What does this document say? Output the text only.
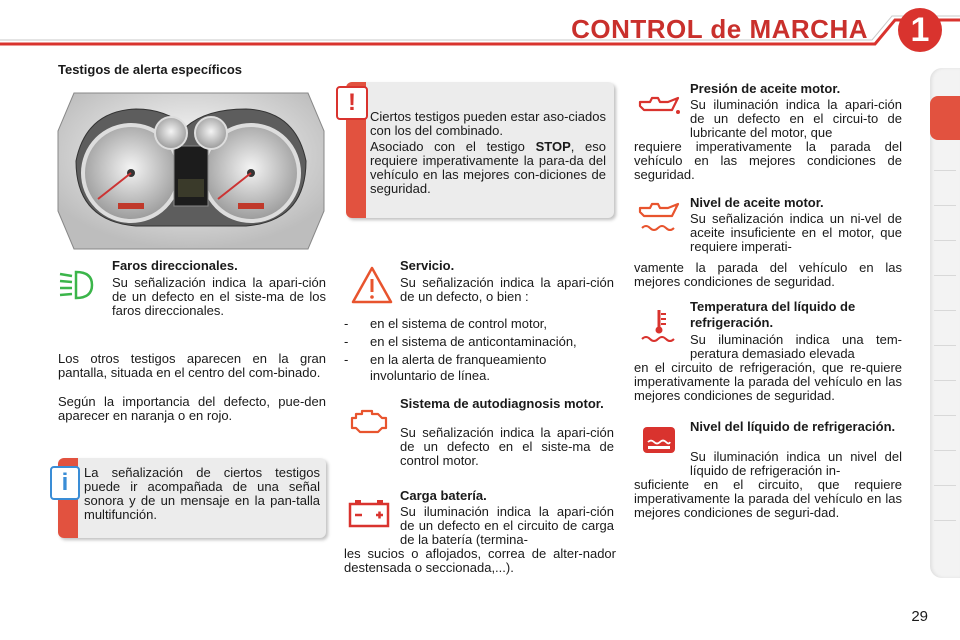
CONTROL de MARCHA	1
Testigos de alerta específicos
Faros direccionales.
Su señalización indica la apari-ción de un defecto en el siste-ma de los faros direccionales.
Los otros testigos aparecen en la gran pantalla, situada en el centro del com-binado.
Según la importancia del defecto, pue-den aparecer en naranja o en rojo.
i	La señalización de ciertos testigos puede ir acompañada de una señal sonora y de un mensaje en la pan-talla multifunción.
!
Ciertos testigos pueden estar aso-ciados con los del combinado.
Asociado con el testigo STOP, eso requiere imperativamente la para-da del vehículo en las mejores con-diciones de seguridad.
Servicio.
Su señalización indica la apari-ción de un defecto, o bien :
- en el sistema de control motor,
- en el sistema de anticontaminación,
- en la alerta de franqueamiento involuntario de línea.
Sistema de autodiagnosis motor.
Su señalización indica la apari-ción de un defecto en el siste-ma de control motor.
Carga batería.
Su iluminación indica la apari-ción de un defecto en el circuito de carga de la batería (termina-
les sucios o aflojados, correa de alter-nador destensada o seccionada,...).
Presión de aceite motor.
Su iluminación indica la apari-ción de un defecto en el circui-to de lubricante del motor, que
requiere imperativamente la parada del vehículo en las mejores condiciones de seguridad.
Nivel de aceite motor.
Su señalización indica un ni-vel de aceite insuficiente en el motor, que requiere imperati-
vamente la parada del vehículo en las mejores condiciones de seguridad.
Temperatura del líquido de refrigeración.
Su iluminación indica una tem-peratura demasiado elevada
en el circuito de refrigeración, que re-quiere imperativamente la parada del vehículo en las mejores condiciones de seguridad.
Nivel del líquido de refrigeración.
Su iluminación indica un nivel del líquido de refrigeración in-
suficiente en el circuito, que requiere imperativamente la parada del vehículo en las mejores condiciones de seguri-dad.
29
